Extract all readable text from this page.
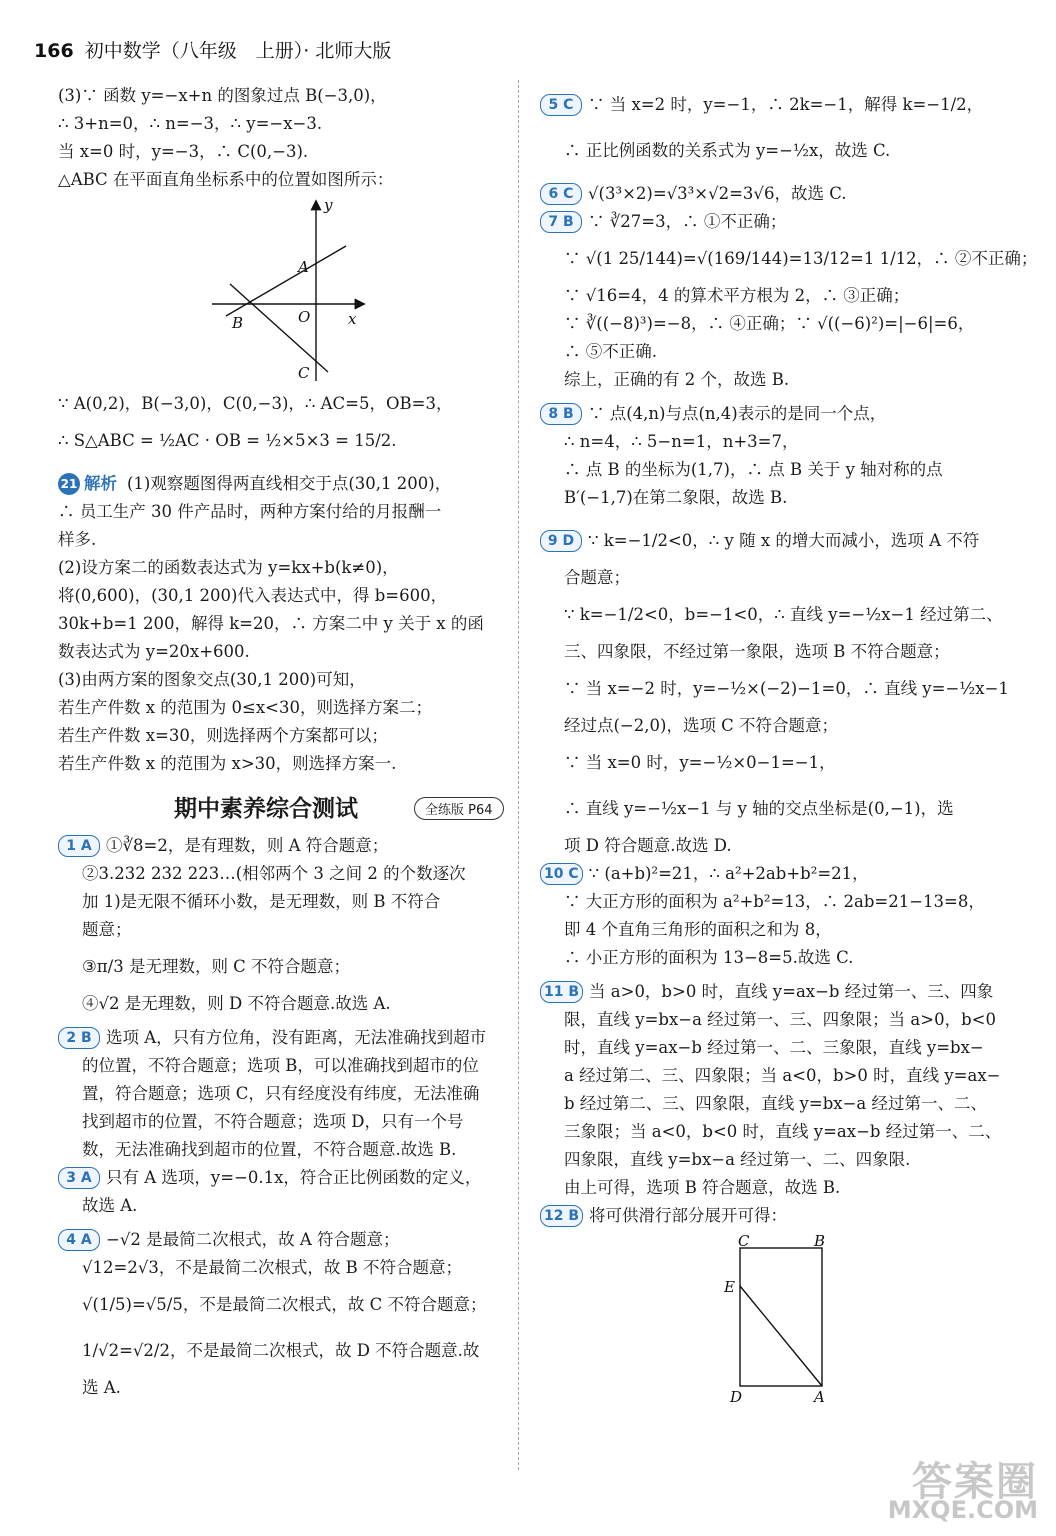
166 初中数学（八年级　上册）· 北师大版
(3)∵ 函数 y=−x+n 的图象过点 B(−3,0)，
∴ 3+n=0，∴ n=−3，∴ y=−x−3.
当 x=0 时，y=−3，∴ C(0,−3).
△ABC 在平面直角坐标系中的位置如图所示：
y
x
A
B	O
C
∵ A(0,2)，B(−3,0)，C(0,−3)，∴ AC=5，OB=3，
∴ S△ABC = ½AC · OB = ½×5×3 = 15/2.
21 解析 (1)观察题图得两直线相交于点(30,1 200)，
∴ 员工生产 30 件产品时，两种方案付给的月报酬一
样多.
(2)设方案二的函数表达式为 y=kx+b(k≠0)，
将(0,600)，(30,1 200)代入表达式中，得 b=600，
30k+b=1 200，解得 k=20，∴ 方案二中 y 关于 x 的函
数表达式为 y=20x+600.
(3)由两方案的图象交点(30,1 200)可知，
若生产件数 x 的范围为 0≤x<30，则选择方案二；
若生产件数 x=30，则选择两个方案都可以；
若生产件数 x 的范围为 x>30，则选择方案一.
期中素养综合测试	全练版 P64
1 A ①∛8=2，是有理数，则 A 符合题意；
②3.232 232 223…(相邻两个 3 之间 2 的个数逐次
加 1)是无限不循环小数，是无理数，则 B 不符合
题意；
③π/3 是无理数，则 C 不符合题意；
④√2 是无理数，则 D 不符合题意.故选 A.
2 B 选项 A，只有方位角，没有距离，无法准确找到超市
的位置，不符合题意；选项 B，可以准确找到超市的位
置，符合题意；选项 C，只有经度没有纬度，无法准确
找到超市的位置，不符合题意；选项 D，只有一个号
数，无法准确找到超市的位置，不符合题意.故选 B.
3 A 只有 A 选项，y=−0.1x，符合正比例函数的定义，
故选 A.
4 A −√2 是最简二次根式，故 A 符合题意；
√12=2√3，不是最简二次根式，故 B 不符合题意；
√(1/5)=√5/5，不是最简二次根式，故 C 不符合题意；
1/√2=√2/2，不是最简二次根式，故 D 不符合题意.故
选 A.
5 C ∵ 当 x=2 时，y=−1，∴ 2k=−1，解得 k=−1/2，
∴ 正比例函数的关系式为 y=−½x，故选 C.
6 C √(3³×2)=√3³×√2=3√6，故选 C.
7 B ∵ ∛27=3，∴ ①不正确；
∵ √(1 25/144)=√(169/144)=13/12=1 1/12，∴ ②不正确；
∵ √16=4，4 的算术平方根为 2，∴ ③正确；
∵ ∛((−8)³)=−8，∴ ④正确；∵ √((−6)²)=|−6|=6，
∴ ⑤不正确.
综上，正确的有 2 个，故选 B.
8 B ∵ 点(4,n)与点(n,4)表示的是同一个点，
∴ n=4，∴ 5−n=1，n+3=7，
∴ 点 B 的坐标为(1,7)，∴ 点 B 关于 y 轴对称的点
B′(−1,7)在第二象限，故选 B.
9 D ∵ k=−1/2<0，∴ y 随 x 的增大而减小，选项 A 不符
合题意；
∵ k=−1/2<0，b=−1<0，∴ 直线 y=−½x−1 经过第二、
三、四象限，不经过第一象限，选项 B 不符合题意；
∵ 当 x=−2 时，y=−½×(−2)−1=0，∴ 直线 y=−½x−1
经过点(−2,0)，选项 C 不符合题意；
∵ 当 x=0 时，y=−½×0−1=−1，
∴ 直线 y=−½x−1 与 y 轴的交点坐标是(0,−1)，选
项 D 符合题意.故选 D.
10 C ∵ (a+b)²=21，∴ a²+2ab+b²=21，
∵ 大正方形的面积为 a²+b²=13，∴ 2ab=21−13=8，
即 4 个直角三角形的面积之和为 8，
∴ 小正方形的面积为 13−8=5.故选 C.
11 B 当 a>0，b>0 时，直线 y=ax−b 经过第一、三、四象
限，直线 y=bx−a 经过第一、三、四象限；当 a>0，b<0
时，直线 y=ax−b 经过第一、二、三象限，直线 y=bx−
a 经过第二、三、四象限；当 a<0，b>0 时，直线 y=ax−
b 经过第二、三、四象限，直线 y=bx−a 经过第一、二、
三象限；当 a<0，b<0 时，直线 y=ax−b 经过第一、二、
四象限，直线 y=bx−a 经过第一、二、四象限.
由上可得，选项 B 符合题意，故选 B.
12 B 将可供滑行部分展开可得：
C	B
E
D	A
答案圈
MXQE.COM
